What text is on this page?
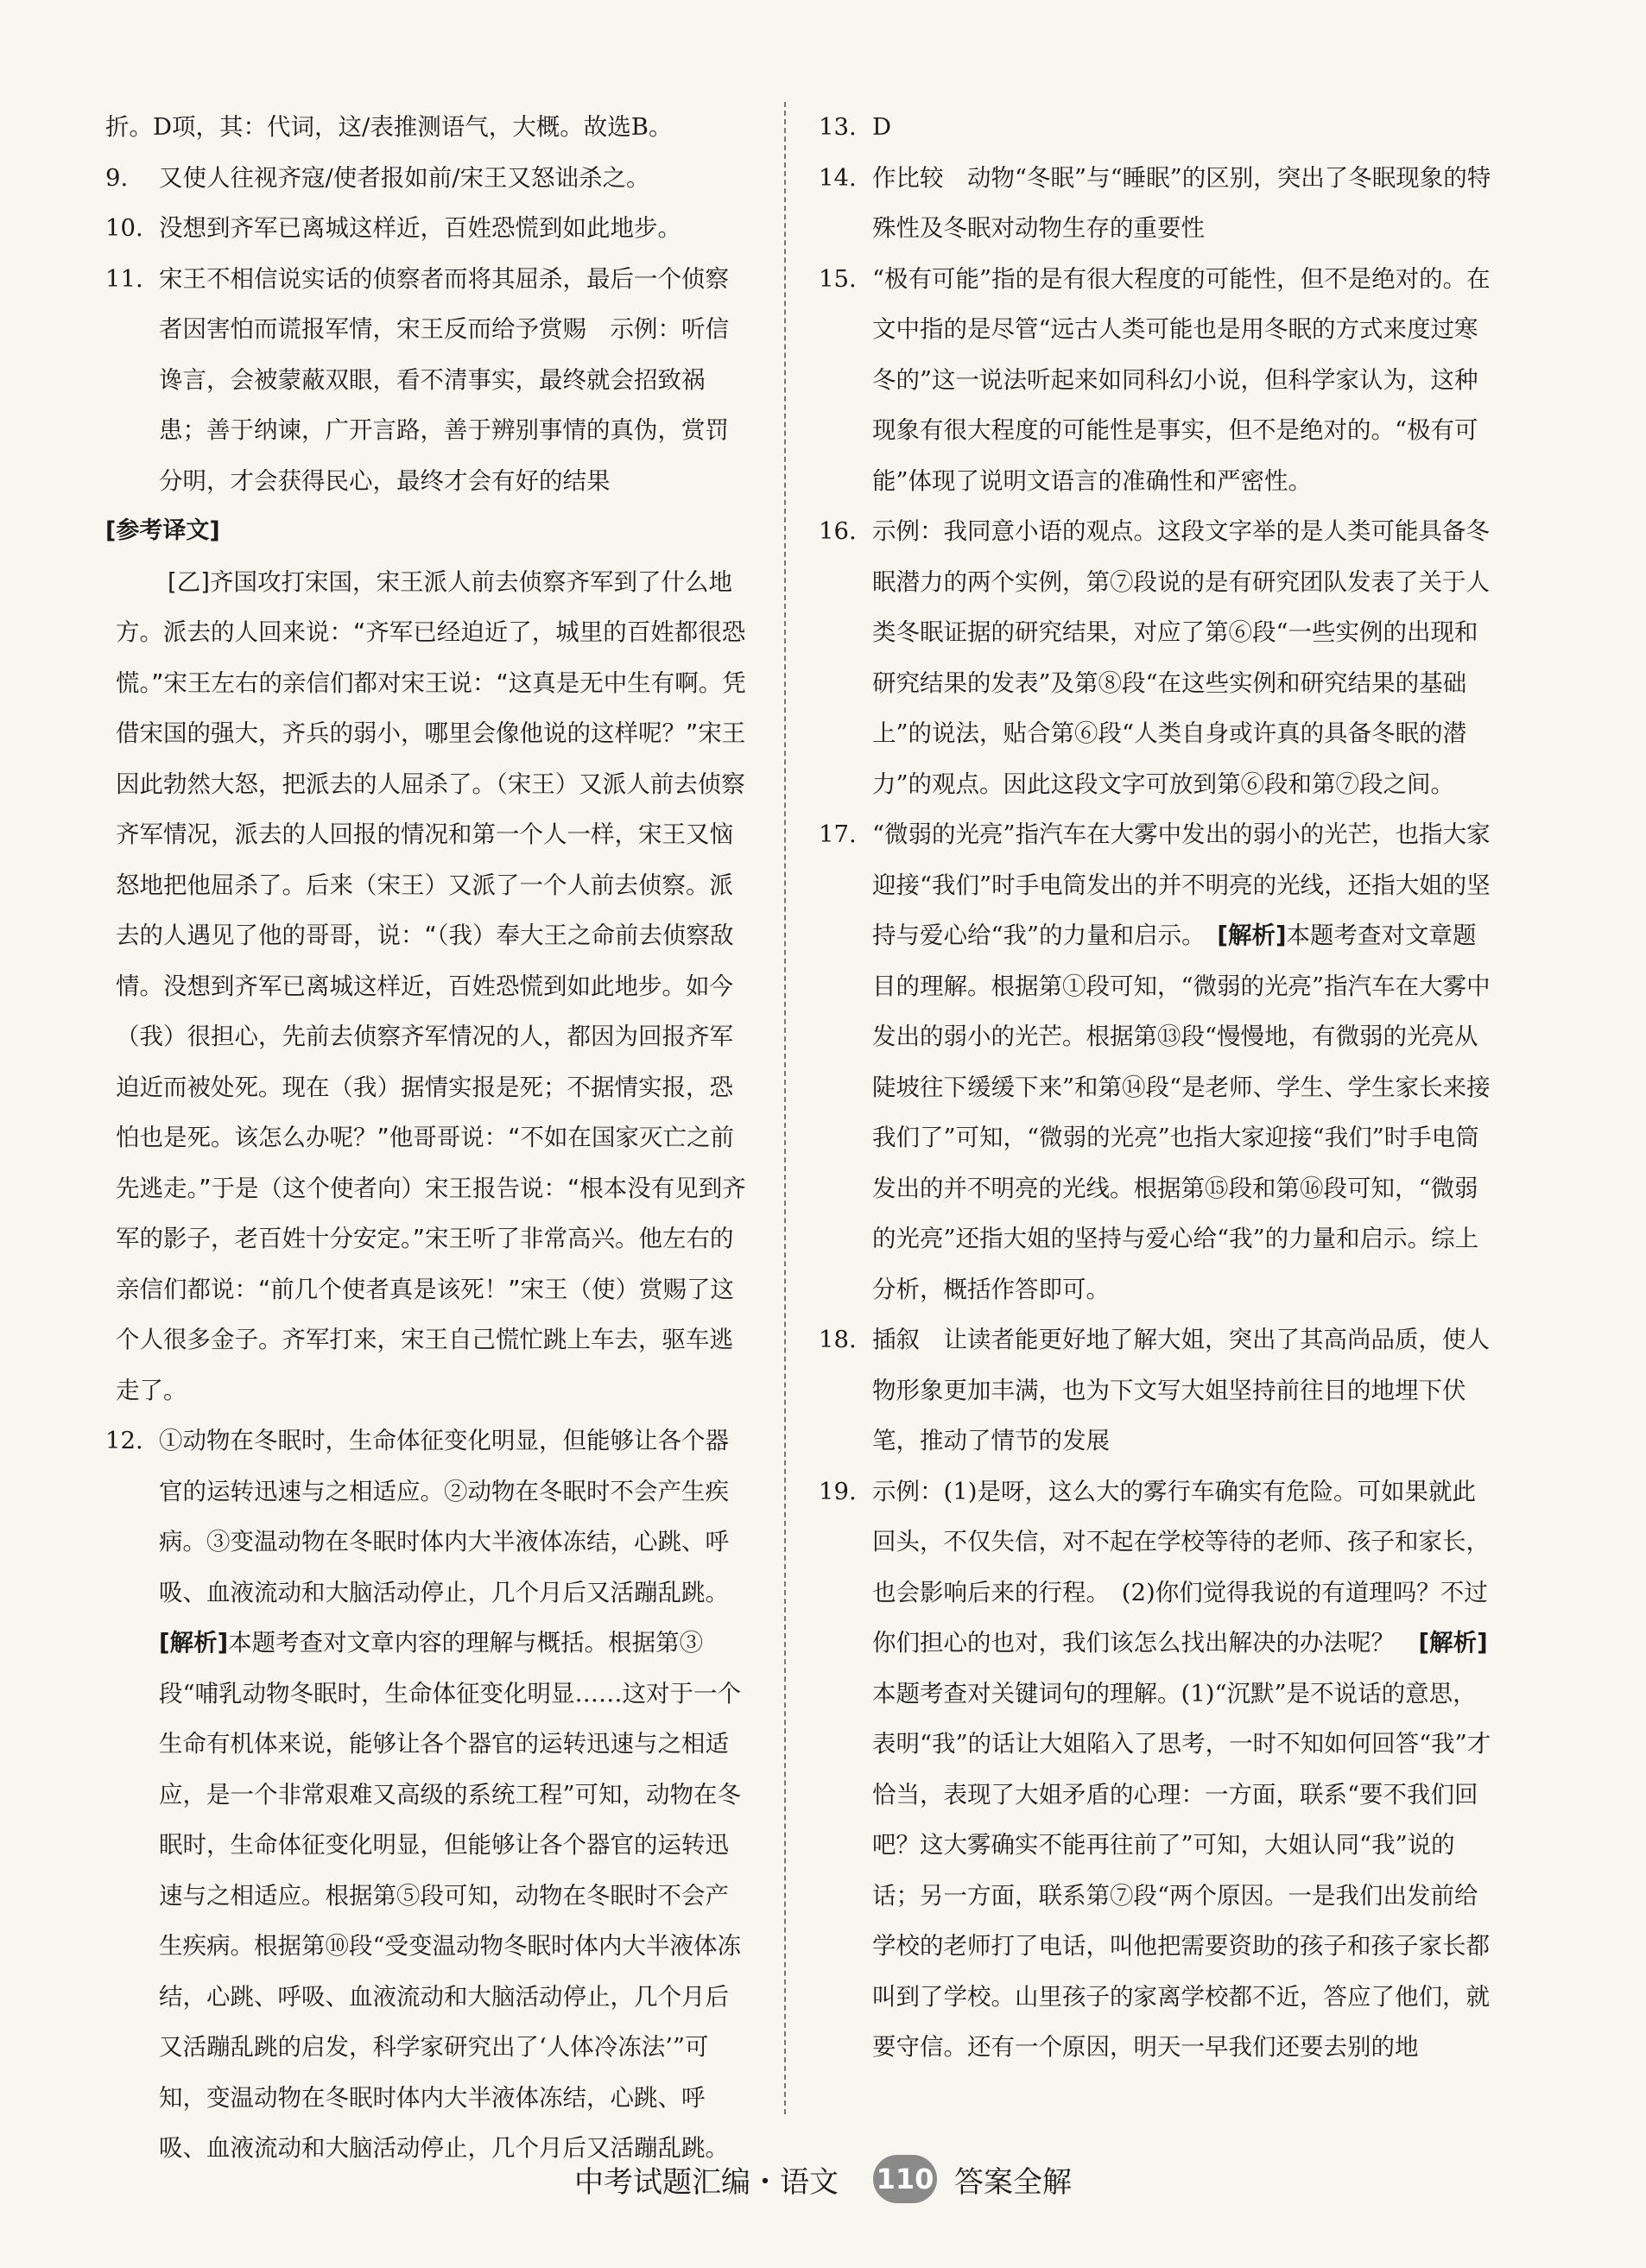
折。D项，其：代词，这/表推测语气，大概。故选B。
9. 又使人往视齐寇/使者报如前/宋王又怒诎杀之。
10. 没想到齐军已离城这样近，百姓恐慌到如此地步。
11. 宋王不相信说实话的侦察者而将其屈杀，最后一个侦察者因害怕而谎报军情，宋王反而给予赏赐　示例：听信谗言，会被蒙蔽双眼，看不清事实，最终就会招致祸患；善于纳谏，广开言路，善于辨别事情的真伪，赏罚分明，才会获得民心，最终才会有好的结果
[参考译文]
[乙]齐国攻打宋国，宋王派人前去侦察齐军到了什么地方。派去的人回来说：“齐军已经迫近了，城里的百姓都很恐慌。”宋王左右的亲信们都对宋王说：“这真是无中生有啊。凭借宋国的强大，齐兵的弱小，哪里会像他说的这样呢？”宋王因此勃然大怒，把派去的人屈杀了。（宋王）又派人前去侦察齐军情况，派去的人回报的情况和第一个人一样，宋王又恼怒地把他屈杀了。后来（宋王）又派了一个人前去侦察。派去的人遇见了他的哥哥，说：“（我）奉大王之命前去侦察敌情。没想到齐军已离城这样近，百姓恐慌到如此地步。如今（我）很担心，先前去侦察齐军情况的人，都因为回报齐军迫近而被处死。现在（我）据情实报是死；不据情实报，恐怕也是死。该怎么办呢？”他哥哥说：“不如在国家灭亡之前先逃走。”于是（这个使者向）宋王报告说：“根本没有见到齐军的影子，老百姓十分安定。”宋王听了非常高兴。他左右的亲信们都说：“前几个使者真是该死！”宋王（使）赏赐了这个人很多金子。齐军打来，宋王自己慌忙跳上车去，驱车逃走了。
12. ①动物在冬眠时，生命体征变化明显，但能够让各个器官的运转迅速与之相适应。②动物在冬眠时不会产生疾病。③变温动物在冬眠时体内大半液体冻结，心跳、呼吸、血液流动和大脑活动停止，几个月后又活蹦乱跳。　[解析]本题考查对文章内容的理解与概括。根据第③段“哺乳动物冬眠时，生命体征变化明显……这对于一个生命有机体来说，能够让各个器官的运转迅速与之相适应，是一个非常艰难又高级的系统工程”可知，动物在冬眠时，生命体征变化明显，但能够让各个器官的运转迅速与之相适应。根据第⑤段可知，动物在冬眠时不会产生疾病。根据第⑩段“受变温动物冬眠时体内大半液体冻结，心跳、呼吸、血液流动和大脑活动停止，几个月后又活蹦乱跳的启发，科学家研究出了‘人体冷冻法’”可知，变温动物在冬眠时体内大半液体冻结，心跳、呼吸、血液流动和大脑活动停止，几个月后又活蹦乱跳。
13. D
14. 作比较　动物“冬眠”与“睡眠”的区别，突出了冬眠现象的特殊性及冬眠对动物生存的重要性
15. “极有可能”指的是有很大程度的可能性，但不是绝对的。在文中指的是尽管“远古人类可能也是用冬眠的方式来度过寒冬的”这一说法听起来如同科幻小说，但科学家认为，这种现象有很大程度的可能性是事实，但不是绝对的。“极有可能”体现了说明文语言的准确性和严密性。
16. 示例：我同意小语的观点。这段文字举的是人类可能具备冬眠潜力的两个实例，第⑦段说的是有研究团队发表了关于人类冬眠证据的研究结果，对应了第⑥段“一些实例的出现和研究结果的发表”及第⑧段“在这些实例和研究结果的基础上”的说法，贴合第⑥段“人类自身或许真的具备冬眠的潜力”的观点。因此这段文字可放到第⑥段和第⑦段之间。
17. “微弱的光亮”指汽车在大雾中发出的弱小的光芒，也指大家迎接“我们”时手电筒发出的并不明亮的光线，还指大姐的坚持与爱心给“我”的力量和启示。　[解析]本题考查对文章题目的理解。根据第①段可知，“微弱的光亮”指汽车在大雾中发出的弱小的光芒。根据第⑬段“慢慢地，有微弱的光亮从陡坡往下缓缓下来”和第⑭段“是老师、学生、学生家长来接我们了”可知，“微弱的光亮”也指大家迎接“我们”时手电筒发出的并不明亮的光线。根据第⑮段和第⑯段可知，“微弱的光亮”还指大姐的坚持与爱心给“我”的力量和启示。综上分析，概括作答即可。
18. 插叙　让读者能更好地了解大姐，突出了其高尚品质，使人物形象更加丰满，也为下文写大姐坚持前往目的地埋下伏笔，推动了情节的发展
19. 示例：(1)是呀，这么大的雾行车确实有危险。可如果就此回头，不仅失信，对不起在学校等待的老师、孩子和家长，也会影响后来的行程。　(2)你们觉得我说的有道理吗？不过你们担心的也对，我们该怎么找出解决的办法呢？　[解析]本题考查对关键词句的理解。(1)“沉默”是不说话的意思，表明“我”的话让大姐陷入了思考，一时不知如何回答“我”才恰当，表现了大姐矛盾的心理：一方面，联系“要不我们回吧？这大雾确实不能再往前了”可知，大姐认同“我”说的话；另一方面，联系第⑦段“两个原因。一是我们出发前给学校的老师打了电话，叫他把需要资助的孩子和孩子家长都叫到了学校。山里孩子的家离学校都不近，答应了他们，就要守信。还有一个原因，明天一早我们还要去别的地
中考试题汇编・语文 110 答案全解
